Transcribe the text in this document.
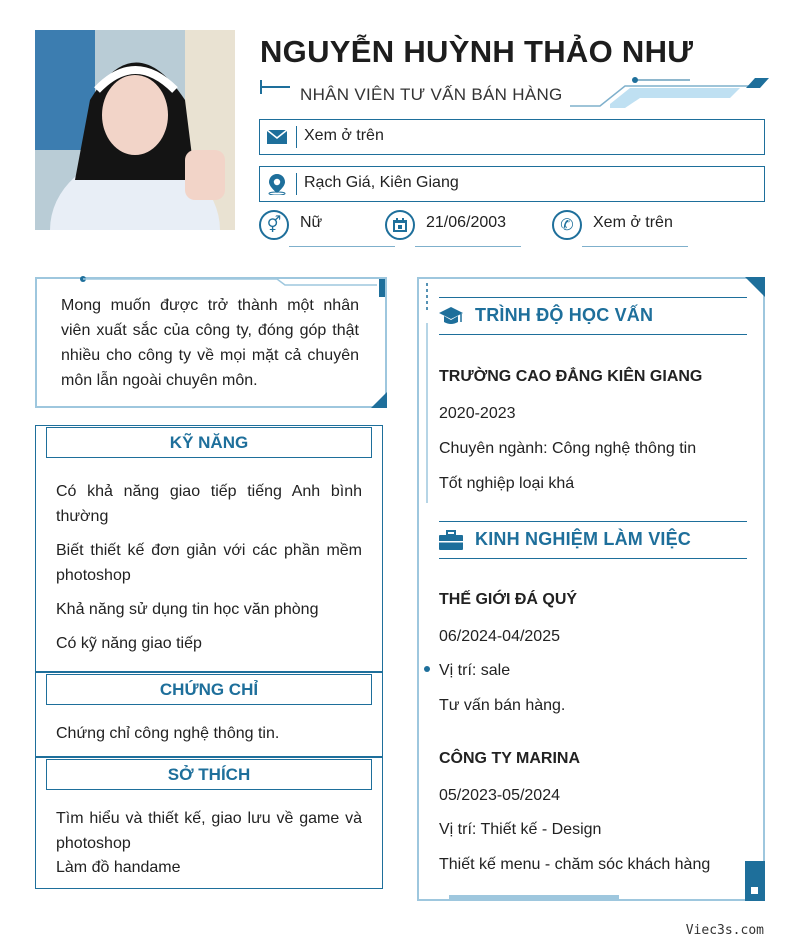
NGUYỄN HUỲNH THẢO NHƯ
NHÂN VIÊN TƯ VẤN BÁN HÀNG
Xem ở trên
Rạch Giá, Kiên Giang
⚥	Nữ	21/06/2003	✆	Xem ở trên

Mong muốn được trở thành một nhân viên xuất sắc của công ty, đóng góp thật nhiều cho công ty về mọi mặt cả chuyên môn lẫn ngoài chuyên môn.

KỸ NĂNG
Có khả năng giao tiếp tiếng Anh bình thường
Biết thiết kế đơn giản với các phần mềm photoshop
Khả năng sử dụng tin học văn phòng
Có kỹ năng giao tiếp
CHỨNG CHỈ
Chứng chỉ công nghệ thông tin.
SỞ THÍCH
Tìm hiểu và thiết kế, giao lưu về game và photoshop
Làm đồ handame
TRÌNH ĐỘ HỌC VẤN
TRƯỜNG CAO ĐẲNG KIÊN GIANG
2020-2023
Chuyên ngành: Công nghệ thông tin
Tốt nghiệp loại khá
KINH NGHIỆM LÀM VIỆC
THẾ GIỚI ĐÁ QUÝ
06/2024-04/2025
Vị trí: sale
Tư vấn bán hàng.
CÔNG TY MARINA
05/2023-05/2024
Vị trí: Thiết kế - Design
Thiết kế menu - chăm sóc khách hàng
Viec3s.com
